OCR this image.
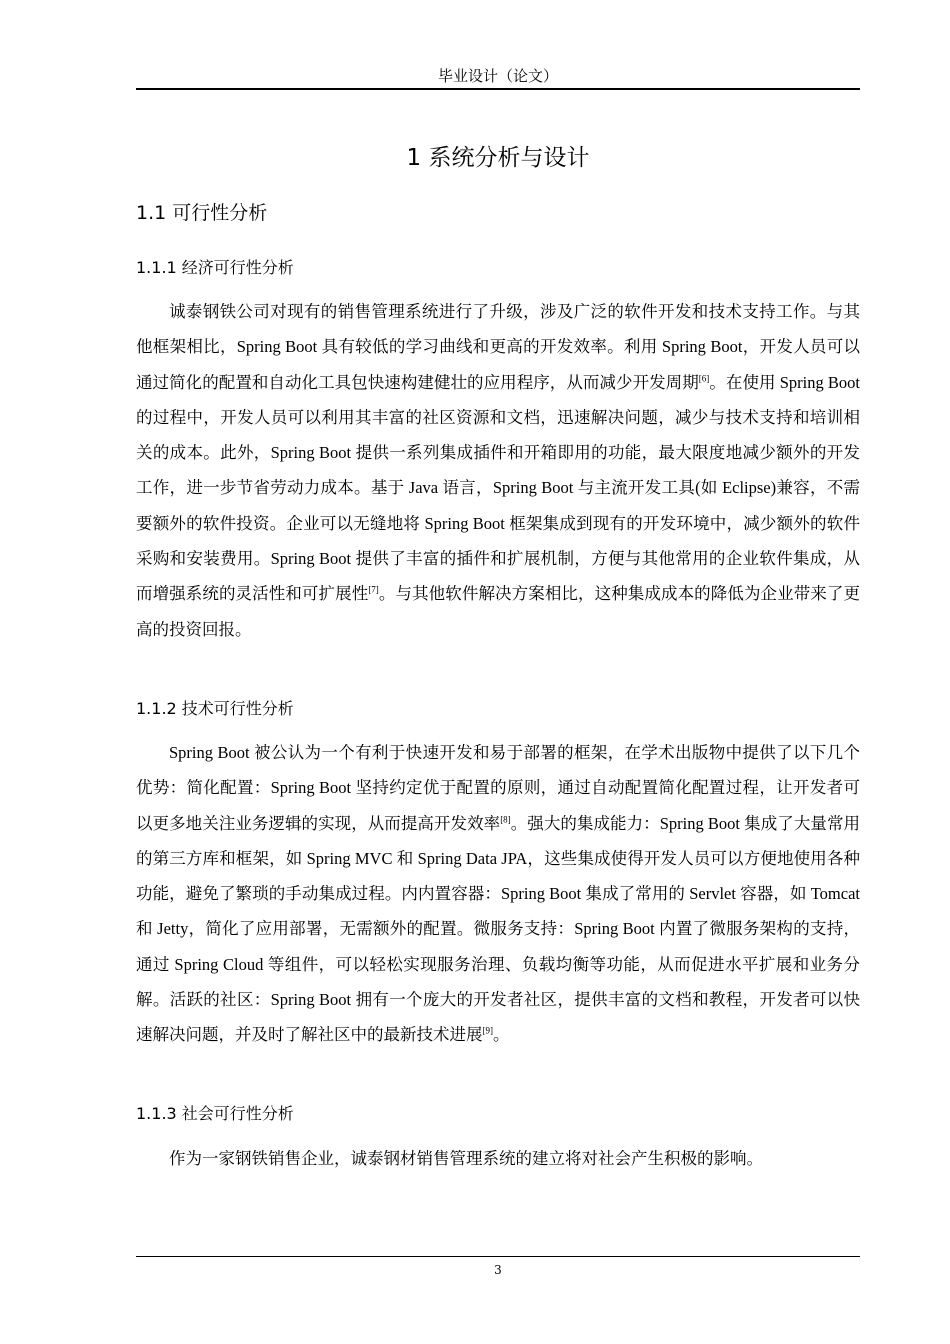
毕业设计（论文）
1 系统分析与设计
1.1 可行性分析
1.1.1 经济可行性分析

诚泰钢铁公司对现有的销售管理系统进行了升级，涉及广泛的软件开发和技术支持工作。与其他框架相比，Spring Boot 具有较低的学习曲线和更高的开发效率。利用 Spring Boot，开发人员可以通过简化的配置和自动化工具包快速构建健壮的应用程序，从而减少开发周期[6]。在使用 Spring Boot 的过程中，开发人员可以利用其丰富的社区资源和文档，迅速解决问题，减少与技术支持和培训相关的成本。此外，Spring Boot 提供一系列集成插件和开箱即用的功能，最大限度地减少额外的开发工作，进一步节省劳动力成本。基于 Java 语言，Spring Boot 与主流开发工具(如 Eclipse)兼容，不需要额外的软件投资。企业可以无缝地将 Spring Boot 框架集成到现有的开发环境中，减少额外的软件采购和安装费用。Spring Boot 提供了丰富的插件和扩展机制，方便与其他常用的企业软件集成，从而增强系统的灵活性和可扩展性[7]。与其他软件解决方案相比，这种集成成本的降低为企业带来了更高的投资回报。

1.1.2 技术可行性分析

Spring Boot 被公认为一个有利于快速开发和易于部署的框架，在学术出版物中提供了以下几个优势：简化配置：Spring Boot 坚持约定优于配置的原则，通过自动配置简化配置过程，让开发者可以更多地关注业务逻辑的实现，从而提高开发效率[8]。强大的集成能力：Spring Boot 集成了大量常用的第三方库和框架，如 Spring MVC 和 Spring Data JPA，这些集成使得开发人员可以方便地使用各种功能，避免了繁琐的手动集成过程。内内置容器：Spring Boot 集成了常用的 Servlet 容器，如 Tomcat 和 Jetty，简化了应用部署，无需额外的配置。微服务支持：Spring Boot 内置了微服务架构的支持，通过 Spring Cloud 等组件，可以轻松实现服务治理、负载均衡等功能，从而促进水平扩展和业务分解。活跃的社区：Spring Boot 拥有一个庞大的开发者社区，提供丰富的文档和教程，开发者可以快速解决问题，并及时了解社区中的最新技术进展[9]。

1.1.3 社会可行性分析

作为一家钢铁销售企业，诚泰钢材销售管理系统的建立将对社会产生积极的影响。

3
